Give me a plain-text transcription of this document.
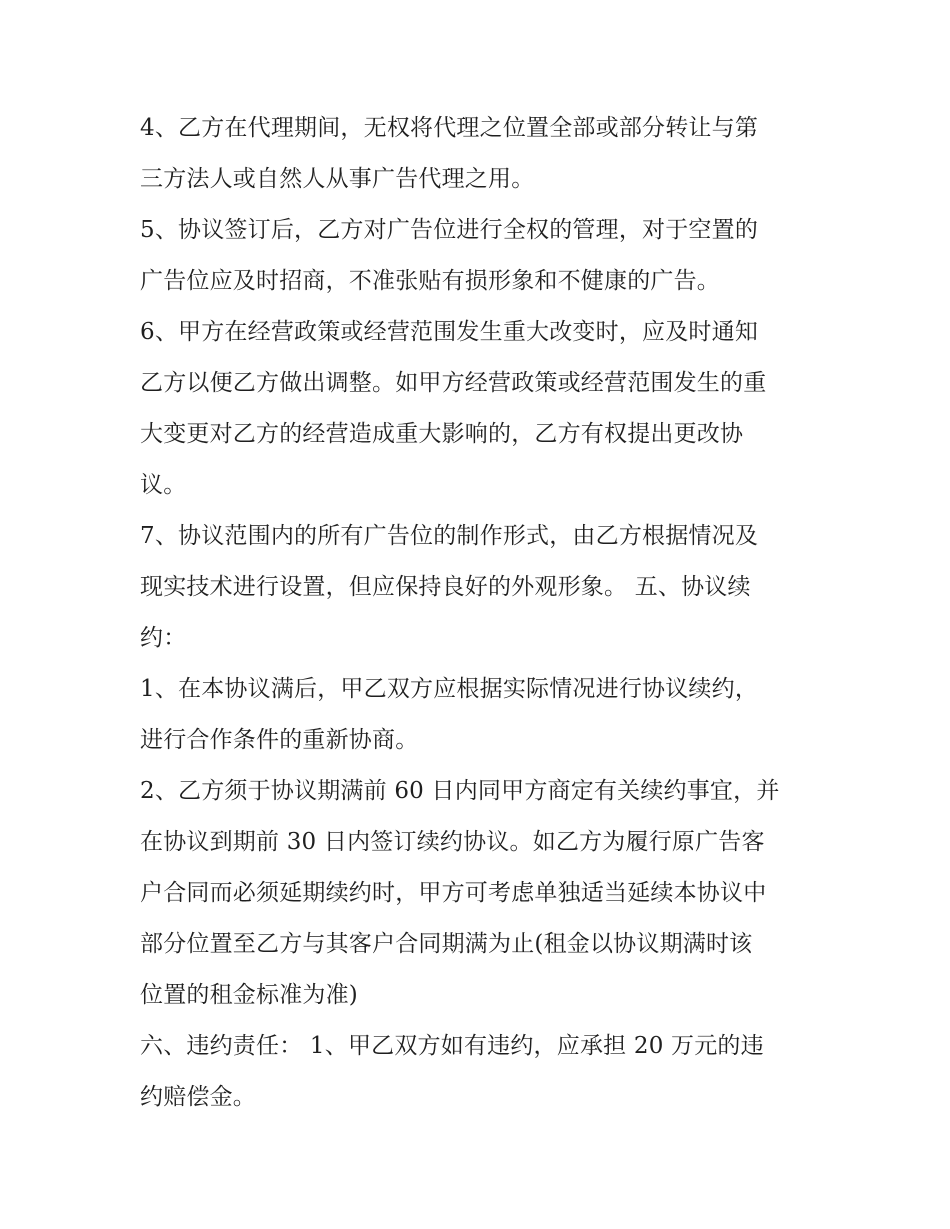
4、乙方在代理期间，无权将代理之位置全部或部分转让与第
三方法人或自然人从事广告代理之用。
5、协议签订后，乙方对广告位进行全权的管理，对于空置的
广告位应及时招商，不准张贴有损形象和不健康的广告。
6、甲方在经营政策或经营范围发生重大改变时，应及时通知
乙方以便乙方做出调整。如甲方经营政策或经营范围发生的重
大变更对乙方的经营造成重大影响的，乙方有权提出更改协
议。
7、协议范围内的所有广告位的制作形式，由乙方根据情况及
现实技术进行设置，但应保持良好的外观形象。 五、协议续
约：
1、在本协议满后，甲乙双方应根据实际情况进行协议续约，
进行合作条件的重新协商。
2、乙方须于协议期满前 60 日内同甲方商定有关续约事宜，并
在协议到期前 30 日内签订续约协议。如乙方为履行原广告客
户合同而必须延期续约时，甲方可考虑单独适当延续本协议中
部分位置至乙方与其客户合同期满为止(租金以协议期满时该
位置的租金标准为准)
六、违约责任： 1、甲乙双方如有违约，应承担 20 万元的违
约赔偿金。
